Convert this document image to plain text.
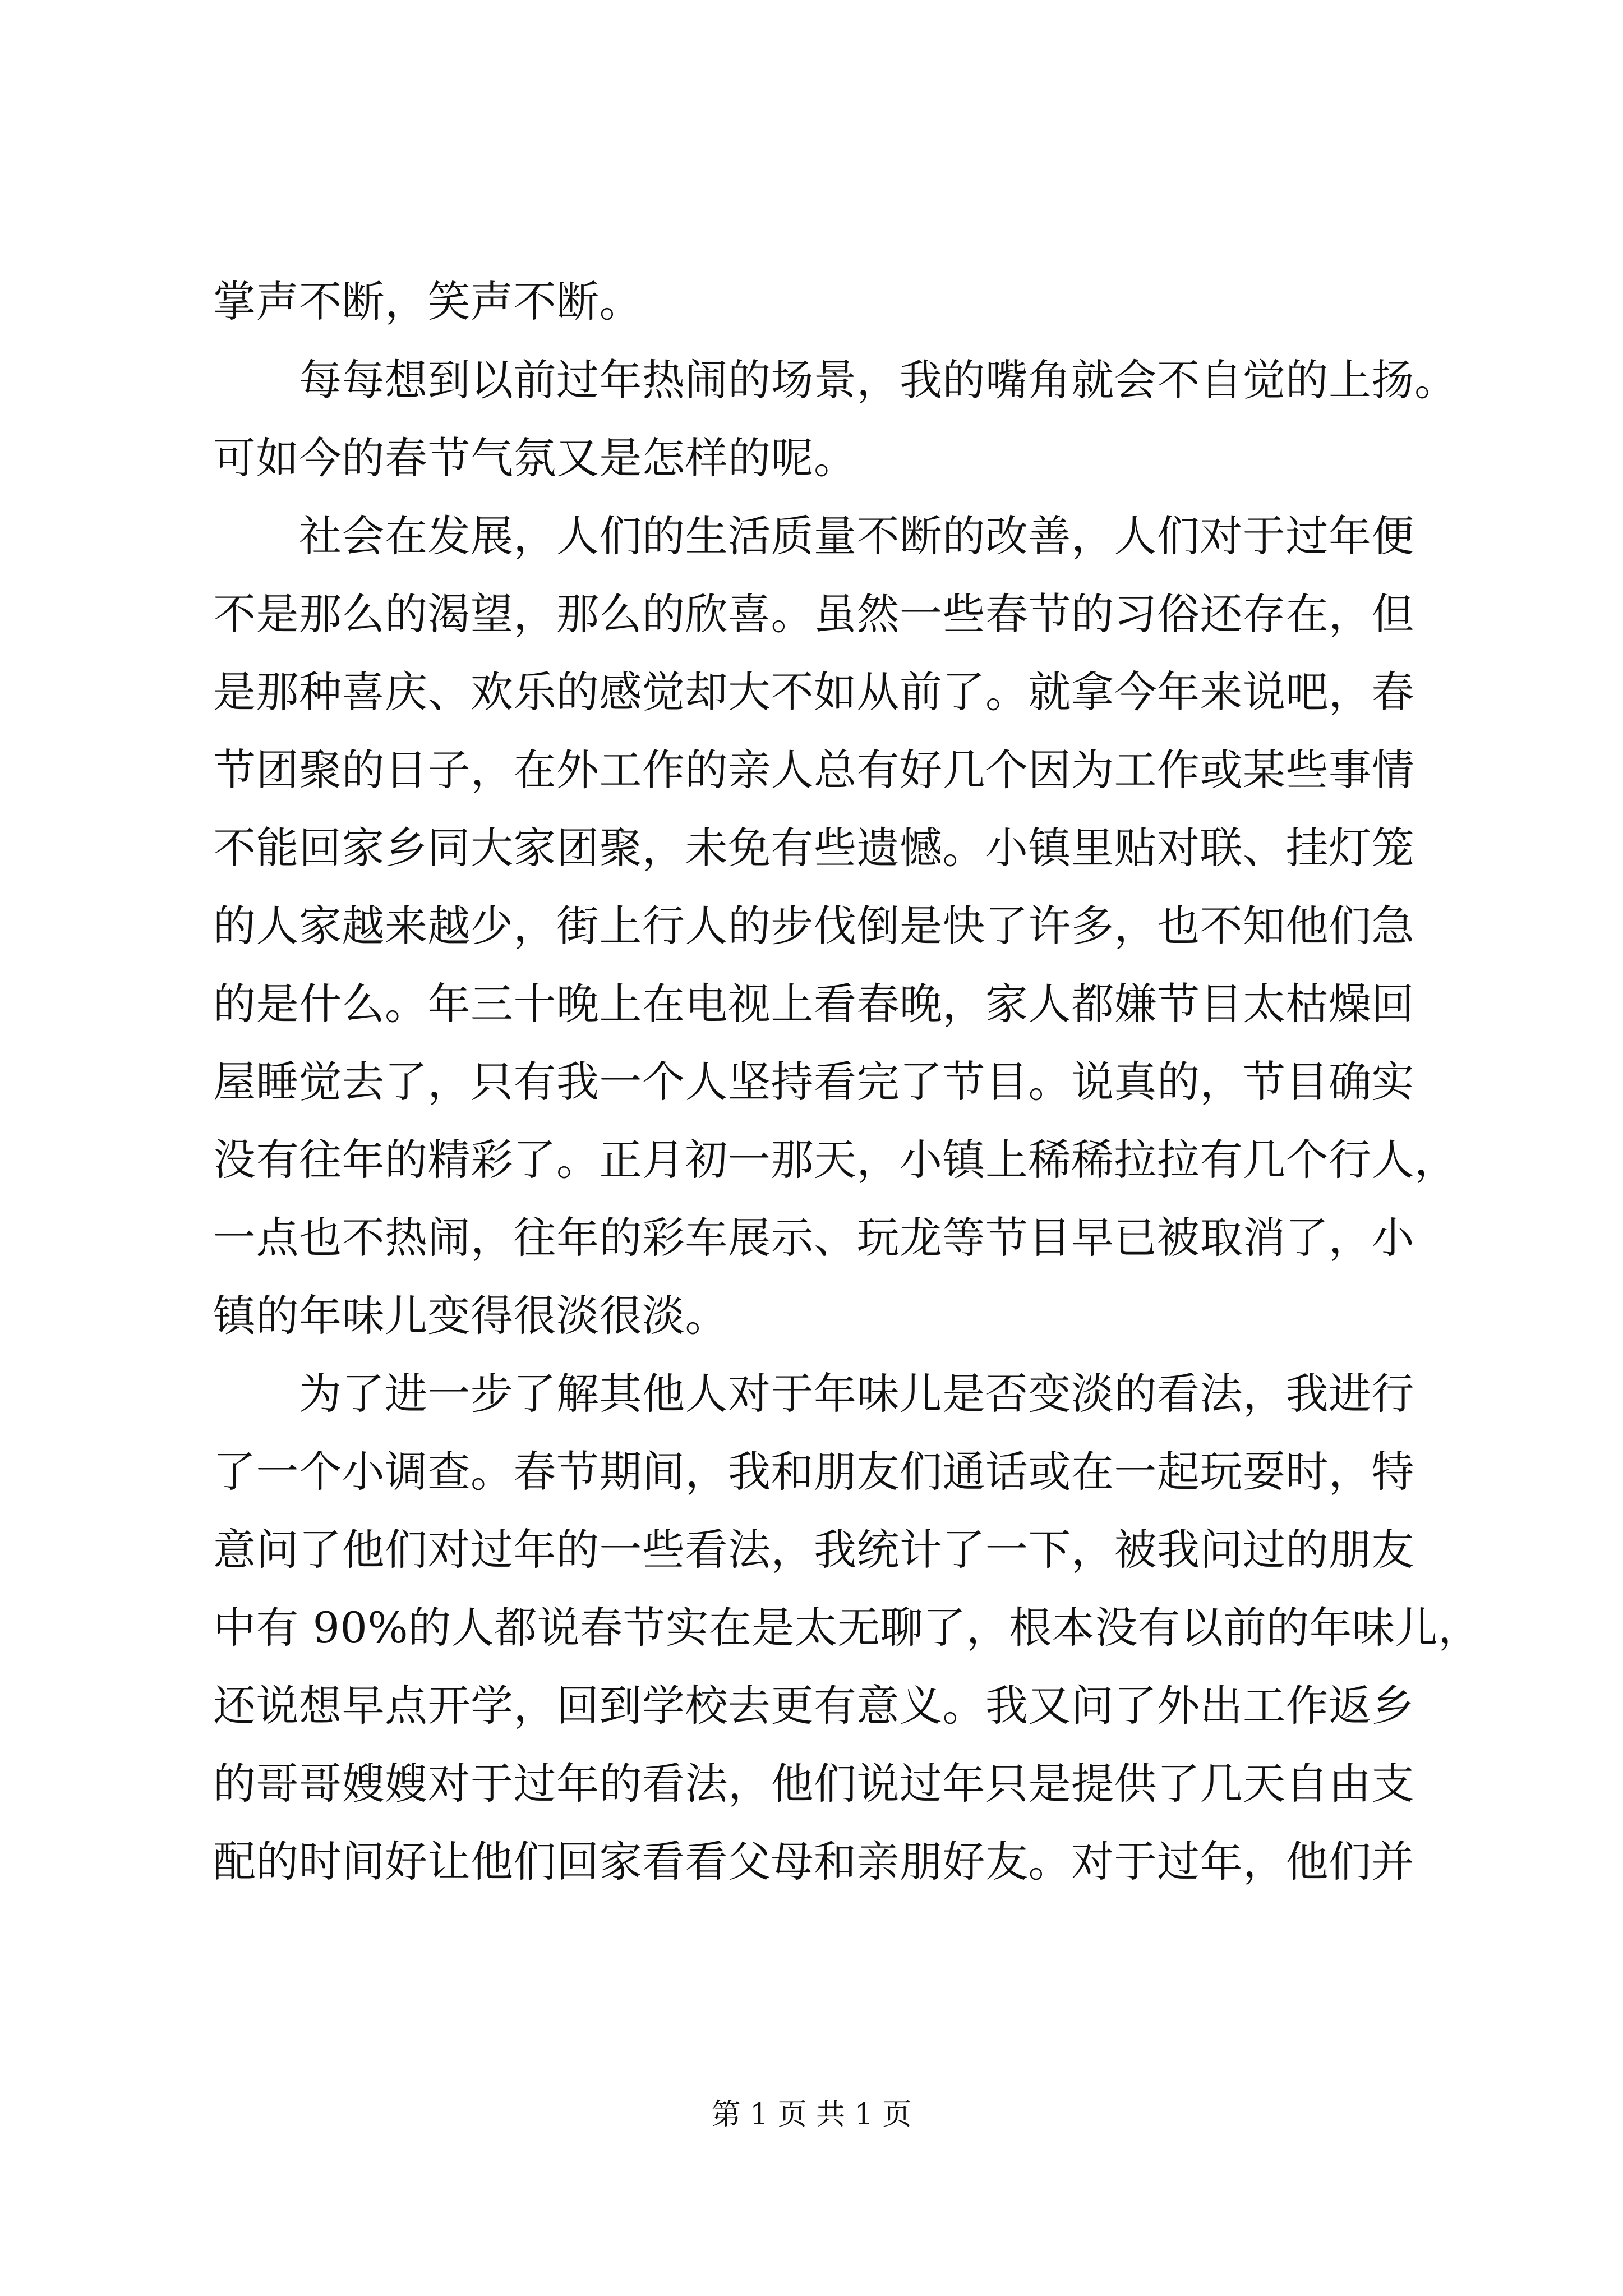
掌声不断，笑声不断。

　　每每想到以前过年热闹的场景，我的嘴角就会不自觉的上扬。

可如今的春节气氛又是怎样的呢。

　　社会在发展，人们的生活质量不断的改善，人们对于过年便

不是那么的渴望，那么的欣喜。虽然一些春节的习俗还存在，但

是那种喜庆、欢乐的感觉却大不如从前了。就拿今年来说吧，春

节团聚的日子，在外工作的亲人总有好几个因为工作或某些事情

不能回家乡同大家团聚，未免有些遗憾。小镇里贴对联、挂灯笼

的人家越来越少，街上行人的步伐倒是快了许多，也不知他们急

的是什么。年三十晚上在电视上看春晚，家人都嫌节目太枯燥回

屋睡觉去了，只有我一个人坚持看完了节目。说真的，节目确实

没有往年的精彩了。正月初一那天，小镇上稀稀拉拉有几个行人，

一点也不热闹，往年的彩车展示、玩龙等节目早已被取消了，小

镇的年味儿变得很淡很淡。

　　为了进一步了解其他人对于年味儿是否变淡的看法，我进行

了一个小调查。春节期间，我和朋友们通话或在一起玩耍时，特

意问了他们对过年的一些看法，我统计了一下，被我问过的朋友

中有 90%的人都说春节实在是太无聊了，根本没有以前的年味儿，

还说想早点开学，回到学校去更有意义。我又问了外出工作返乡

的哥哥嫂嫂对于过年的看法，他们说过年只是提供了几天自由支

配的时间好让他们回家看看父母和亲朋好友。对于过年，他们并

第 1 页 共 1 页
